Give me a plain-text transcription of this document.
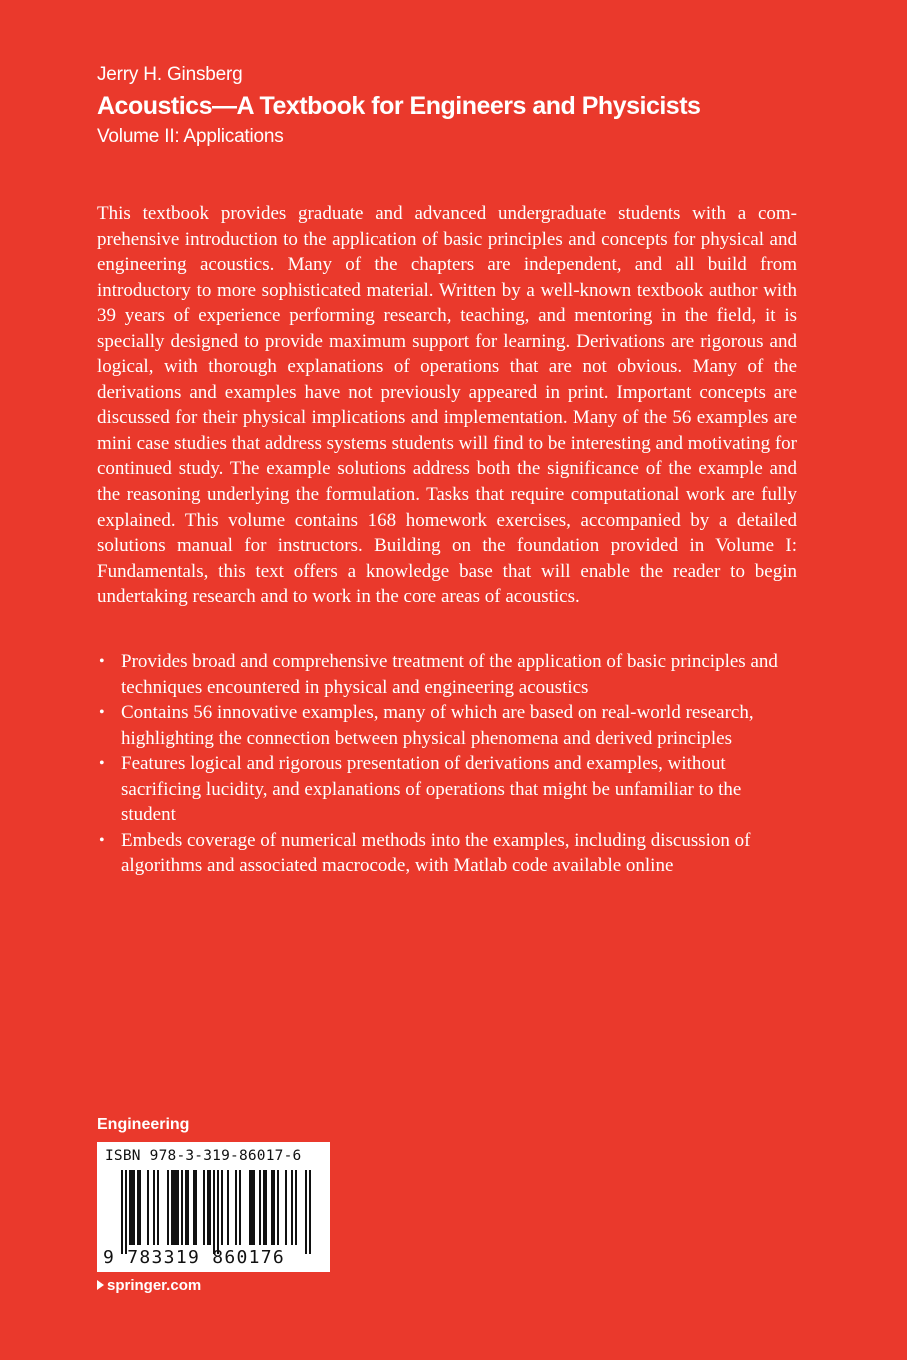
Jerry H. Ginsberg
Acoustics—A Textbook for Engineers and Physicists
Volume II: Applications
This textbook provides graduate and advanced undergraduate students with a comprehensive introduction to the application of basic principles and concepts for physical and engineering acoustics. Many of the chapters are independent, and all build from introductory to more sophisticated material. Written by a well-known textbook author with 39 years of experience performing research, teaching, and mentoring in the field, it is specially designed to provide maximum support for learning. Derivations are rigorous and logical, with thorough explanations of operations that are not obvious. Many of the derivations and examples have not previously appeared in print. Important concepts are discussed for their physical implications and implementation. Many of the 56 examples are mini case studies that address systems students will find to be interesting and motivating for continued study. The example solutions address both the significance of the example and the reasoning underlying the formulation. Tasks that require computational work are fully explained. This volume contains 168 homework exercises, accompanied by a detailed solutions manual for instructors. Building on the foundation provided in Volume I: Fundamentals, this text offers a knowledge base that will enable the reader to begin undertaking research and to work in the core areas of acoustics.
• Provides broad and comprehensive treatment of the application of basic principles and techniques encountered in physical and engineering acoustics
• Contains 56 innovative examples, many of which are based on real-world research, highlighting the connection between physical phenomena and derived principles
• Features logical and rigorous presentation of derivations and examples, without sacrificing lucidity, and explanations of operations that might be unfamiliar to the student
• Embeds coverage of numerical methods into the examples, including discussion of algorithms and associated macrocode, with Matlab code available online
Engineering
ISBN 978-3-319-86017-6
9 783319 860176
springer.com
